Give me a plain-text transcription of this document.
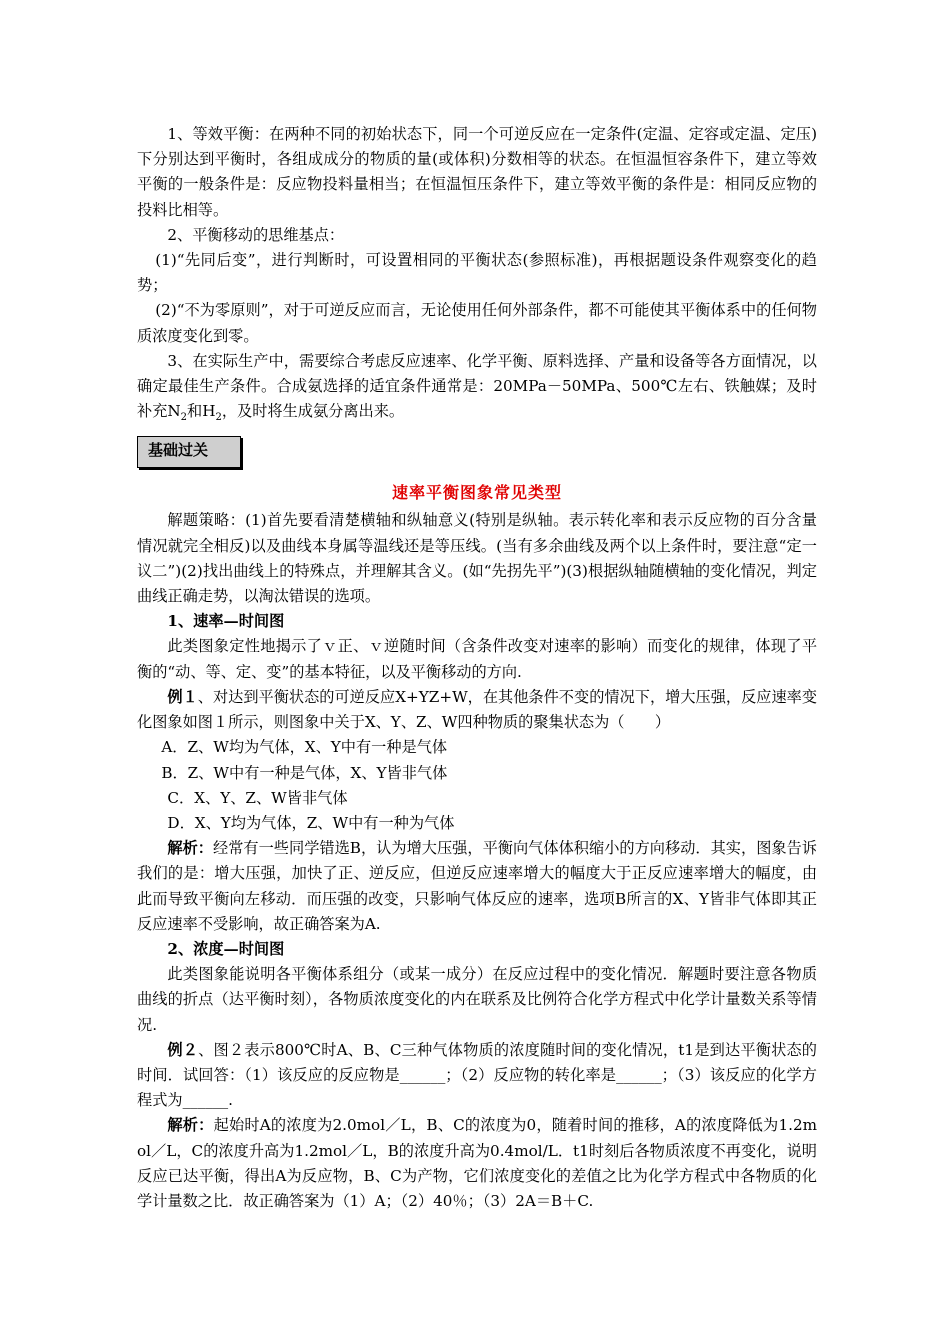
1、等效平衡：在两种不同的初始状态下，同一个可逆反应在一定条件(定温、定容或定温、定压)下分别达到平衡时，各组成成分的物质的量(或体积)分数相等的状态。在恒温恒容条件下，建立等效平衡的一般条件是：反应物投料量相当；在恒温恒压条件下，建立等效平衡的条件是：相同反应物的投料比相等。

2、平衡移动的思维基点：

(1)“先同后变”，进行判断时，可设置相同的平衡状态(参照标准)，再根据题设条件观察变化的趋势；

(2)“不为零原则”，对于可逆反应而言，无论使用任何外部条件，都不可能使其平衡体系中的任何物质浓度变化到零。

3、在实际生产中，需要综合考虑反应速率、化学平衡、原料选择、产量和设备等各方面情况，以确定最佳生产条件。合成氨选择的适宜条件通常是：20MPa－50MPa、500℃左右、铁触媒；及时补充$N_2$和$H_2$，及时将生成氨分离出来。

基础过关
速率平衡图象常见类型

解题策略：(1)首先要看清楚横轴和纵轴意义(特别是纵轴。表示转化率和表示反应物的百分含量情况就完全相反)以及曲线本身属等温线还是等压线。(当有多余曲线及两个以上条件时，要注意“定一议二”)(2)找出曲线上的特殊点，并理解其含义。(如“先拐先平”)(3)根据纵轴随横轴的变化情况，判定曲线正确走势，以淘汰错误的选项。

1、速率—时间图

此类图象定性地揭示了ｖ正、ｖ逆随时间（含条件改变对速率的影响）而变化的规律，体现了平衡的“动、等、定、变”的基本特征，以及平衡移动的方向.

例１、对达到平衡状态的可逆反应X+YZ+W，在其他条件不变的情况下，增大压强，反应速率变化图象如图１所示，则图象中关于X、Y、Z、W四种物质的聚集状态为（　　）

A．Z、W均为气体，X、Y中有一种是气体

B．Z、W中有一种是气体，X、Y皆非气体

C．X、Y、Z、W皆非气体

D．X、Y均为气体，Z、W中有一种为气体

解析：经常有一些同学错选B，认为增大压强，平衡向气体体积缩小的方向移动．其实，图象告诉我们的是：增大压强，加快了正、逆反应，但逆反应速率增大的幅度大于正反应速率增大的幅度，由此而导致平衡向左移动．而压强的改变，只影响气体反应的速率，选项B所言的X、Y皆非气体即其正反应速率不受影响，故正确答案为A.

2、浓度—时间图

此类图象能说明各平衡体系组分（或某一成分）在反应过程中的变化情况．解题时要注意各物质曲线的折点（达平衡时刻），各物质浓度变化的内在联系及比例符合化学方程式中化学计量数关系等情况.

例２、图２表示800℃时A、B、C三种气体物质的浓度随时间的变化情况，t1是到达平衡状态的时间．试回答：（1）该反应的反应物是______；（2）反应物的转化率是______；（3）该反应的化学方程式为______.

解析：起始时A的浓度为2.0mol／L，B、C的浓度为0，随着时间的推移，A的浓度降低为1.2mol／L，C的浓度升高为1.2mol／L，B的浓度升高为0.4mol/L．t1时刻后各物质浓度不再变化，说明反应已达平衡，得出A为反应物，B、C为产物，它们浓度变化的差值之比为化学方程式中各物质的化学计量数之比．故正确答案为（1）A；（2）40％；（3）2A＝B＋C.
